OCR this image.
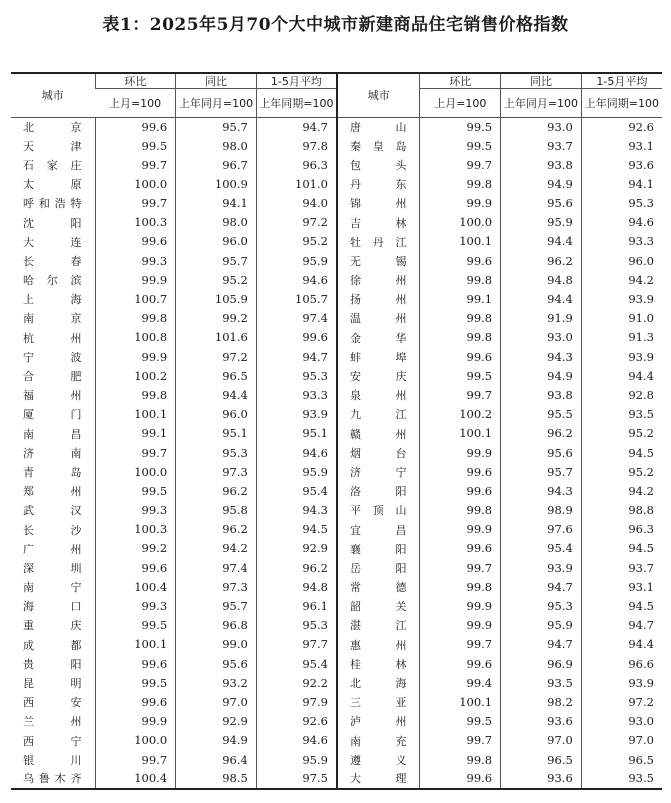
表1：2025年5月70个大中城市新建商品住宅销售价格指数
城市	环比	同比	1-5月平均	城市	环比	同比	1-5月平均
	上月=100	上年同月=100	上年同期=100		上月=100	上年同月=100	上年同期=100
北　　京	99.6	95.7	94.7	唐　　山	99.5	93.0	92.6
天　　津	99.5	98.0	97.8	秦皇岛	99.5	93.7	93.1
石家庄	99.7	96.7	96.3	包　　头	99.7	93.8	93.6
太　　原	100.0	100.9	101.0	丹　　东	99.8	94.9	94.1
呼和浩特	99.7	94.1	94.0	锦　　州	99.9	95.6	95.3
沈　　阳	100.3	98.0	97.2	吉　　林	100.0	95.9	94.6
大　　连	99.6	96.0	95.2	牡丹江	100.1	94.4	93.3
长　　春	99.3	95.7	95.9	无　　锡	99.6	96.2	96.0
哈尔滨	99.9	95.2	94.6	徐　　州	99.8	94.8	94.2
上　　海	100.7	105.9	105.7	扬　　州	99.1	94.4	93.9
南　　京	99.8	99.2	97.4	温　　州	99.8	91.9	91.0
杭　　州	100.8	101.6	99.6	金　　华	99.8	93.0	91.3
宁　　波	99.9	97.2	94.7	蚌　　埠	99.6	94.3	93.9
合　　肥	100.2	96.5	95.3	安　　庆	99.5	94.9	94.4
福　　州	99.8	94.4	93.3	泉　　州	99.7	93.8	92.8
厦　　门	100.1	96.0	93.9	九　　江	100.2	95.5	93.5
南　　昌	99.1	95.1	95.1	赣　　州	100.1	96.2	95.2
济　　南	99.7	95.3	94.6	烟　　台	99.9	95.6	94.5
青　　岛	100.0	97.3	95.9	济　　宁	99.6	95.7	95.2
郑　　州	99.5	96.2	95.4	洛　　阳	99.6	94.3	94.2
武　　汉	99.3	95.8	94.3	平顶山	99.8	98.9	98.8
长　　沙	100.3	96.2	94.5	宜　　昌	99.9	97.6	96.3
广　　州	99.2	94.2	92.9	襄　　阳	99.6	95.4	94.5
深　　圳	99.6	97.4	96.2	岳　　阳	99.7	93.9	93.7
南　　宁	100.4	97.3	94.8	常　　德	99.8	94.7	93.1
海　　口	99.3	95.7	96.1	韶　　关	99.9	95.3	94.5
重　　庆	99.5	96.8	95.3	湛　　江	99.9	95.9	94.7
成　　都	100.1	99.0	97.7	惠　　州	99.7	94.7	94.4
贵　　阳	99.6	95.6	95.4	桂　　林	99.6	96.9	96.6
昆　　明	99.5	93.2	92.2	北　　海	99.4	93.5	93.9
西　　安	99.6	97.0	97.9	三　　亚	100.1	98.2	97.2
兰　　州	99.9	92.9	92.6	泸　　州	99.5	93.6	93.0
西　　宁	100.0	94.9	94.6	南　　充	99.7	97.0	97.0
银　　川	99.7	96.4	95.9	遵　　义	99.8	96.5	96.5
乌鲁木齐	100.4	98.5	97.5	大　　理	99.6	93.6	93.5
